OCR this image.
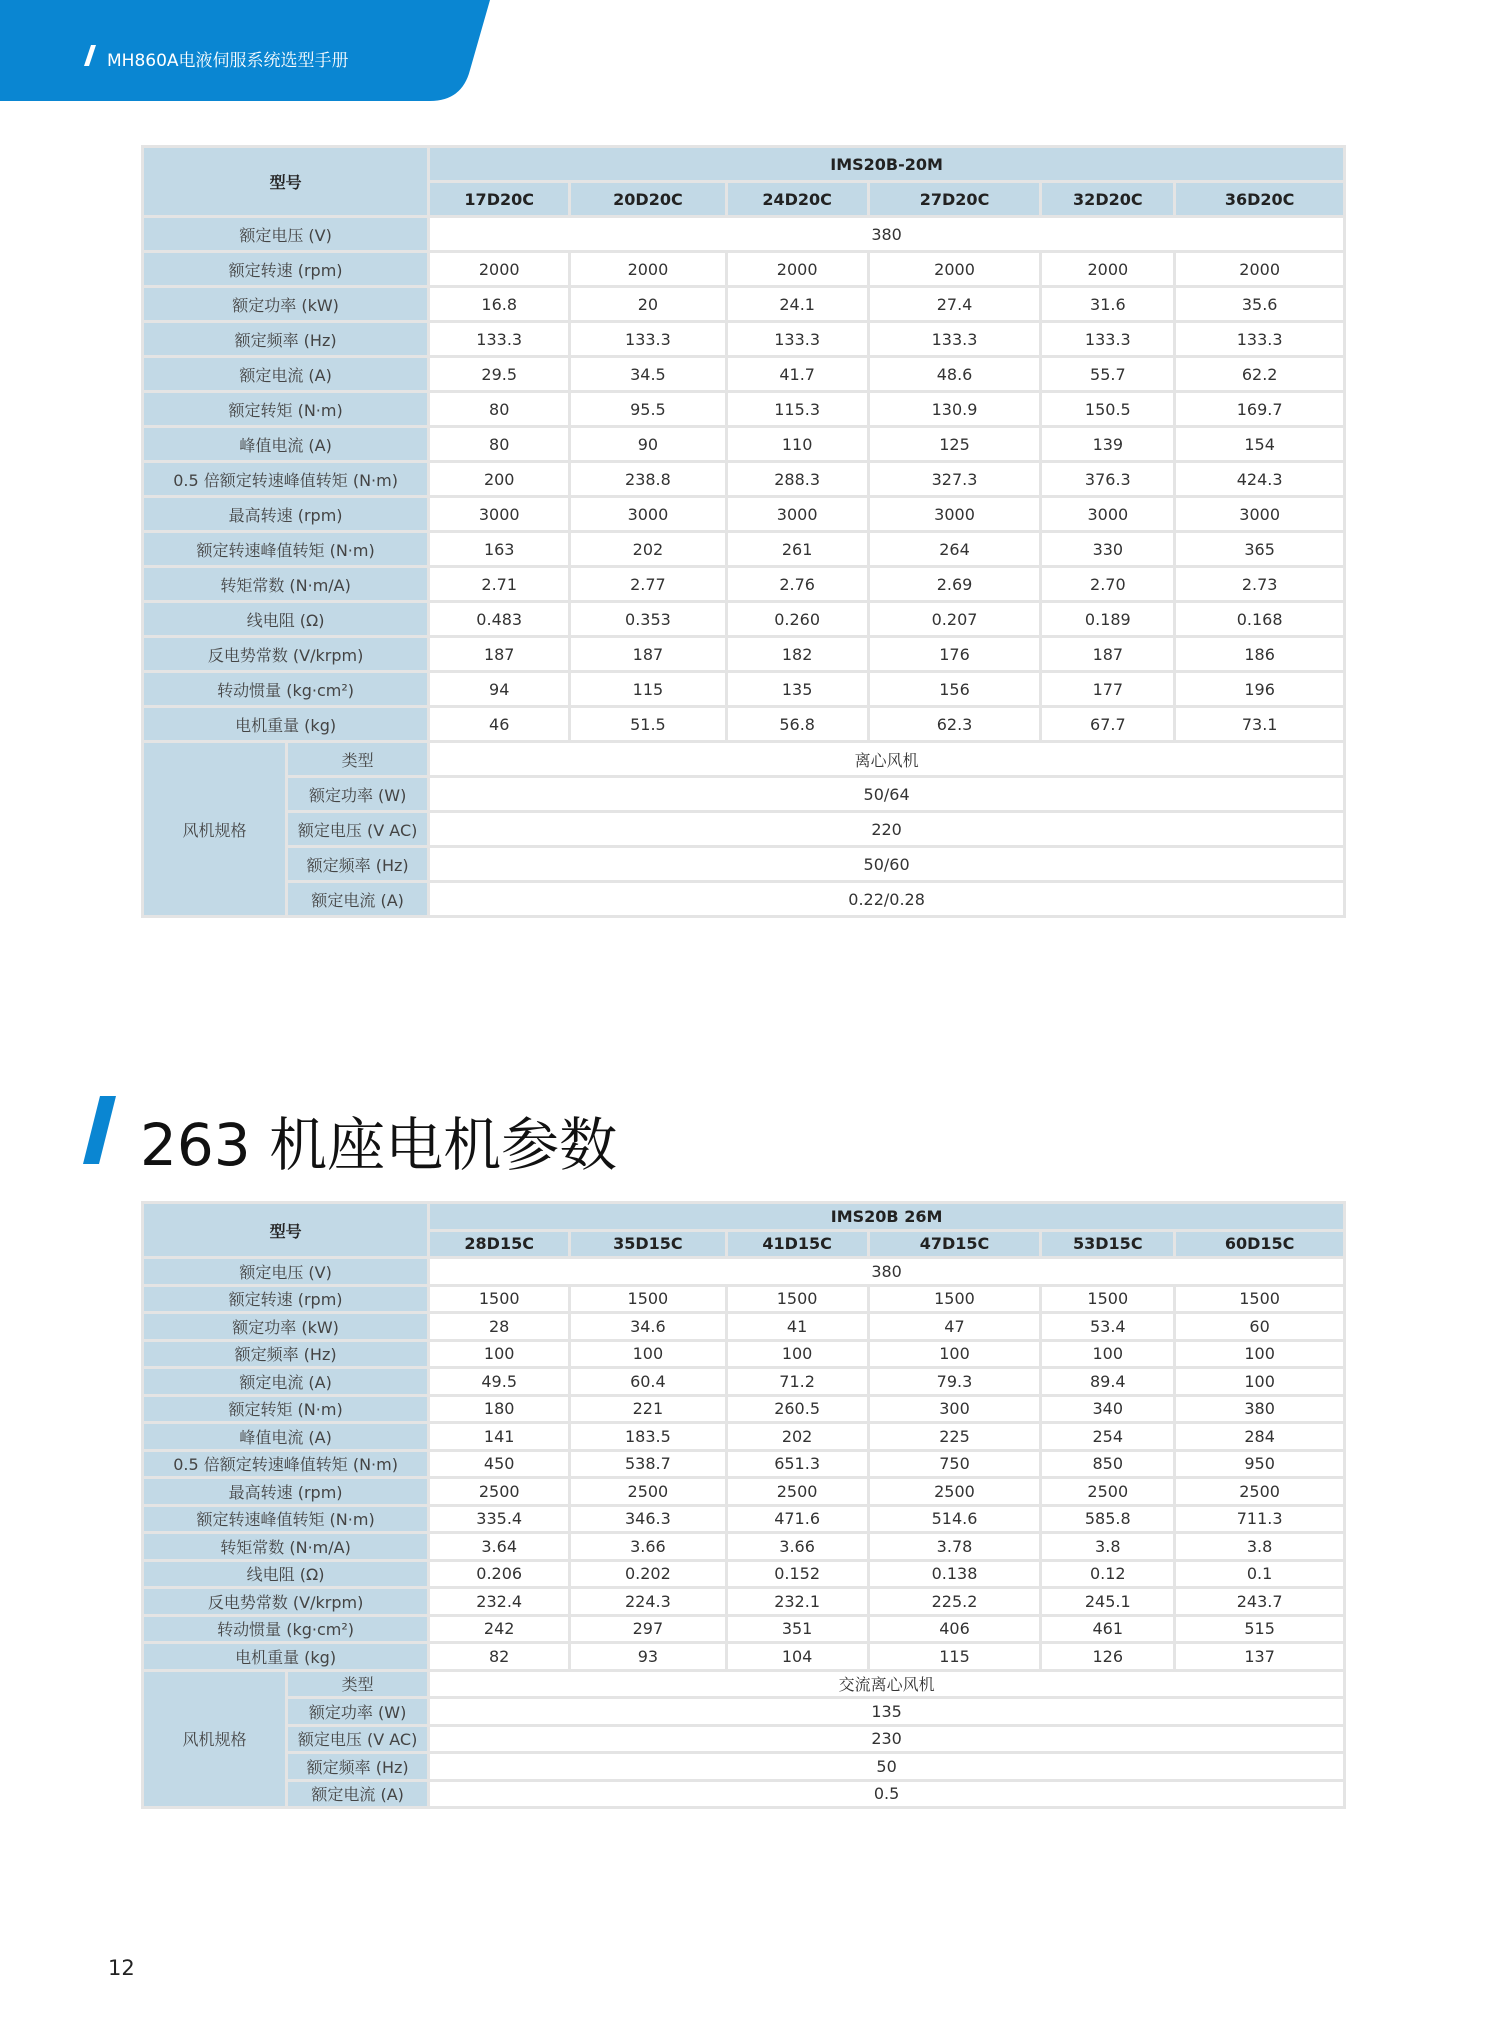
MH860A电液伺服系统选型手册
型号		IMS20B-20M					
		17D20C	20D20C	24D20C	27D20C	32D20C	36D20C
额定电压 (V)		380					
额定转速 (rpm)		2000	2000	2000	2000	2000	2000
额定功率 (kW)		16.8	20	24.1	27.4	31.6	35.6
额定频率 (Hz)		133.3	133.3	133.3	133.3	133.3	133.3
额定电流 (A)		29.5	34.5	41.7	48.6	55.7	62.2
额定转矩 (N·m)		80	95.5	115.3	130.9	150.5	169.7
峰值电流 (A)		80	90	110	125	139	154
0.5 倍额定转速峰值转矩 (N·m)		200	238.8	288.3	327.3	376.3	424.3
最高转速 (rpm)		3000	3000	3000	3000	3000	3000
额定转速峰值转矩 (N·m)		163	202	261	264	330	365
转矩常数 (N·m/A)		2.71	2.77	2.76	2.69	2.70	2.73
线电阻 (Ω)		0.483	0.353	0.260	0.207	0.189	0.168
反电势常数 (V/krpm)		187	187	182	176	187	186
转动惯量 (kg·cm²)		94	115	135	156	177	196
电机重量 (kg)		46	51.5	56.8	62.3	67.7	73.1
风机规格	类型	离心风机					
	额定功率 (W)	50/64					
	额定电压 (V AC)	220					
	额定频率 (Hz)	50/60					
	额定电流 (A)	0.22/0.28					
263 机座电机参数
型号		IMS20B 26M					
		28D15C	35D15C	41D15C	47D15C	53D15C	60D15C
额定电压 (V)		380					
额定转速 (rpm)		1500	1500	1500	1500	1500	1500
额定功率 (kW)		28	34.6	41	47	53.4	60
额定频率 (Hz)		100	100	100	100	100	100
额定电流 (A)		49.5	60.4	71.2	79.3	89.4	100
额定转矩 (N·m)		180	221	260.5	300	340	380
峰值电流 (A)		141	183.5	202	225	254	284
0.5 倍额定转速峰值转矩 (N·m)		450	538.7	651.3	750	850	950
最高转速 (rpm)		2500	2500	2500	2500	2500	2500
额定转速峰值转矩 (N·m)		335.4	346.3	471.6	514.6	585.8	711.3
转矩常数 (N·m/A)		3.64	3.66	3.66	3.78	3.8	3.8
线电阻 (Ω)		0.206	0.202	0.152	0.138	0.12	0.1
反电势常数 (V/krpm)		232.4	224.3	232.1	225.2	245.1	243.7
转动惯量 (kg·cm²)		242	297	351	406	461	515
电机重量 (kg)		82	93	104	115	126	137
风机规格	类型	交流离心风机					
	额定功率 (W)	135					
	额定电压 (V AC)	230					
	额定频率 (Hz)	50					
	额定电流 (A)	0.5					
12
